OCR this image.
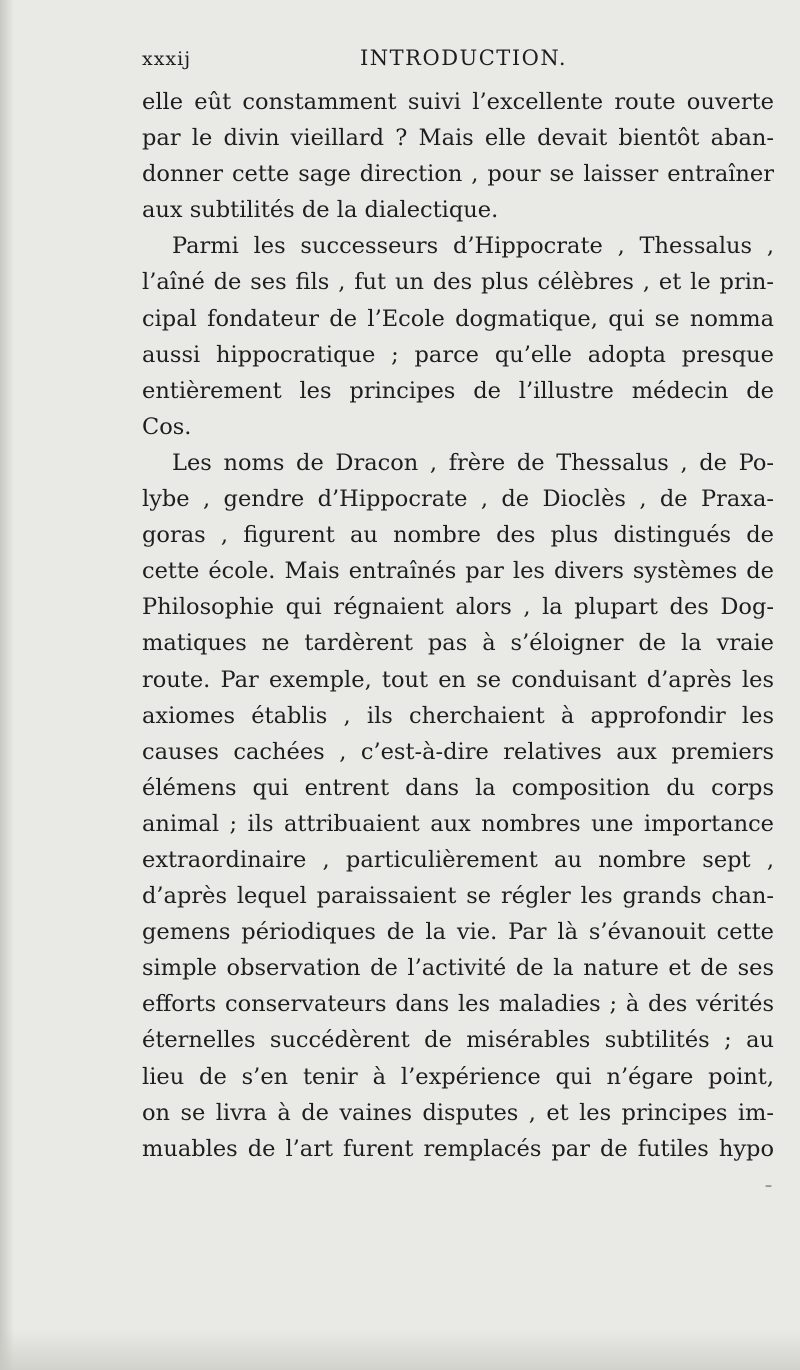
xxxij	INTRODUCTION.
elle eût constamment suivi l’excellente route ouverte
par le divin vieillard ? Mais elle devait bientôt aban-
donner cette sage direction , pour se laisser entraîner
aux subtilités de la dialectique.
Parmi les successeurs d’Hippocrate , Thessalus ,
l’aîné de ses fils , fut un des plus célèbres , et le prin-
cipal fondateur de l’Ecole dogmatique, qui se nomma
aussi hippocratique ; parce qu’elle adopta presque
entièrement les principes de l’illustre médecin de
Cos.
Les noms de Dracon , frère de Thessalus , de Po-
lybe , gendre d’Hippocrate , de Dioclès , de Praxa-
goras , figurent au nombre des plus distingués de
cette école. Mais entraînés par les divers systèmes de
Philosophie qui régnaient alors , la plupart des Dog-
matiques ne tardèrent pas à s’éloigner de la vraie
route. Par exemple, tout en se conduisant d’après les
axiomes établis , ils cherchaient à approfondir les
causes cachées , c’est-à-dire relatives aux premiers
élémens qui entrent dans la composition du corps
animal ; ils attribuaient aux nombres une importance
extraordinaire , particulièrement au nombre sept ,
d’après lequel paraissaient se régler les grands chan-
gemens périodiques de la vie. Par là s’évanouit cette
simple observation de l’activité de la nature et de ses
efforts conservateurs dans les maladies ; à des vérités
éternelles succédèrent de misérables subtilités ; au
lieu de s’en tenir à l’expérience qui n’égare point,
on se livra à de vaines disputes , et les principes im-
muables de l’art furent remplacés par de futiles hypo
–
